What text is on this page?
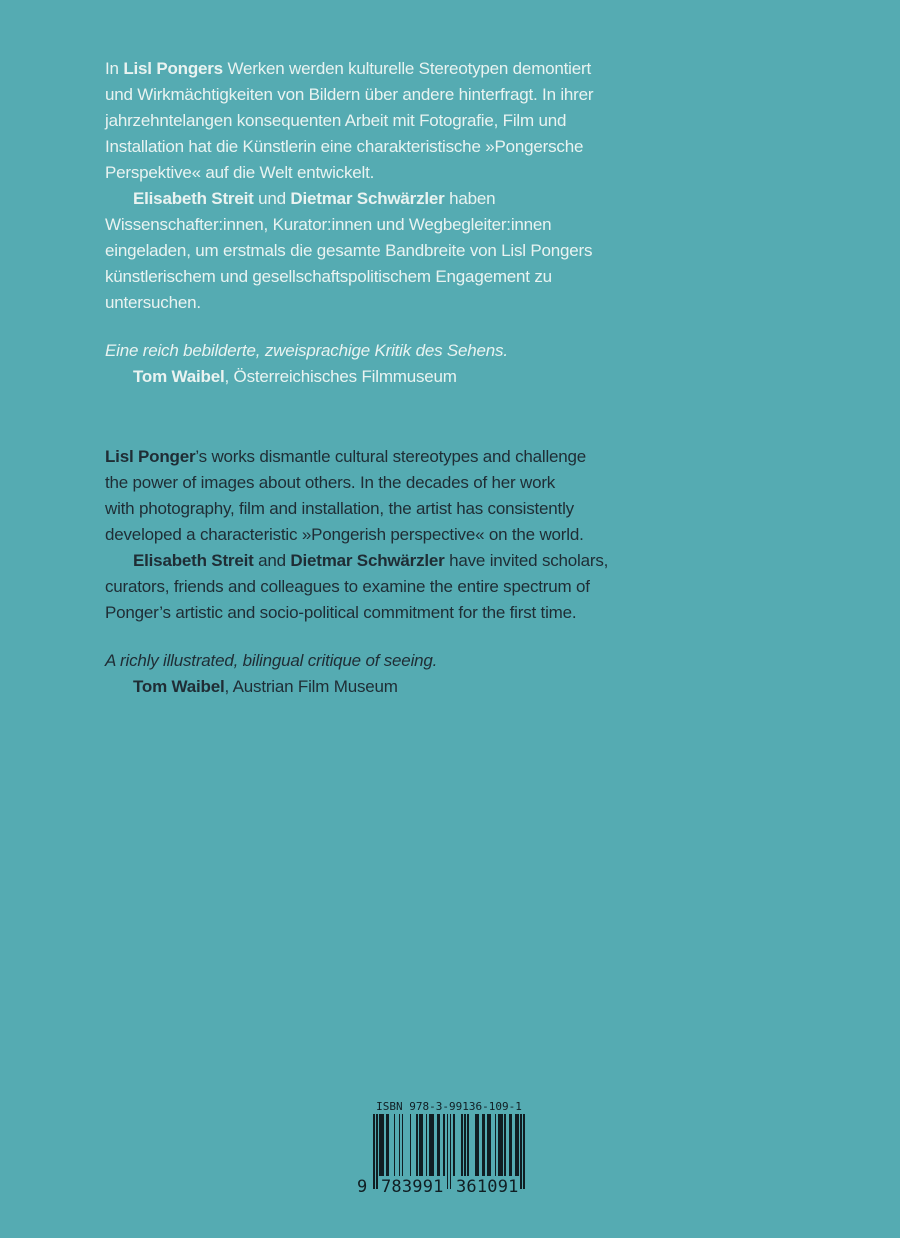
In Lisl Pongers Werken werden kulturelle Stereotypen demontiert
und Wirkmächtigkeiten von Bildern über andere hinterfragt. In ihrer
jahrzehntelangen konsequenten Arbeit mit Fotografie, Film und
Installation hat die Künstlerin eine charakteristische »Pongersche
Perspektive« auf die Welt entwickelt.
Elisabeth Streit und Dietmar Schwärzler haben
Wissenschafter:innen, Kurator:innen und Wegbegleiter:innen
eingeladen, um erstmals die gesamte Bandbreite von Lisl Pongers
künstlerischem und gesellschaftspolitischem Engagement zu
untersuchen.
Eine reich bebilderte, zweisprachige Kritik des Sehens.
Tom Waibel, Österreichisches Filmmuseum
Lisl Ponger’s works dismantle cultural stereotypes and challenge
the power of images about others. In the decades of her work
with photography, film and installation, the artist has consistently
developed a characteristic »Pongerish perspective« on the world.
Elisabeth Streit and Dietmar Schwärzler have invited scholars,
curators, friends and colleagues to examine the entire spectrum of
Ponger’s artistic and socio-political commitment for the first time.
A richly illustrated, bilingual critique of seeing.
Tom Waibel, Austrian Film Museum
ISBN 978-3-99136-109-1
9 783991 361091
